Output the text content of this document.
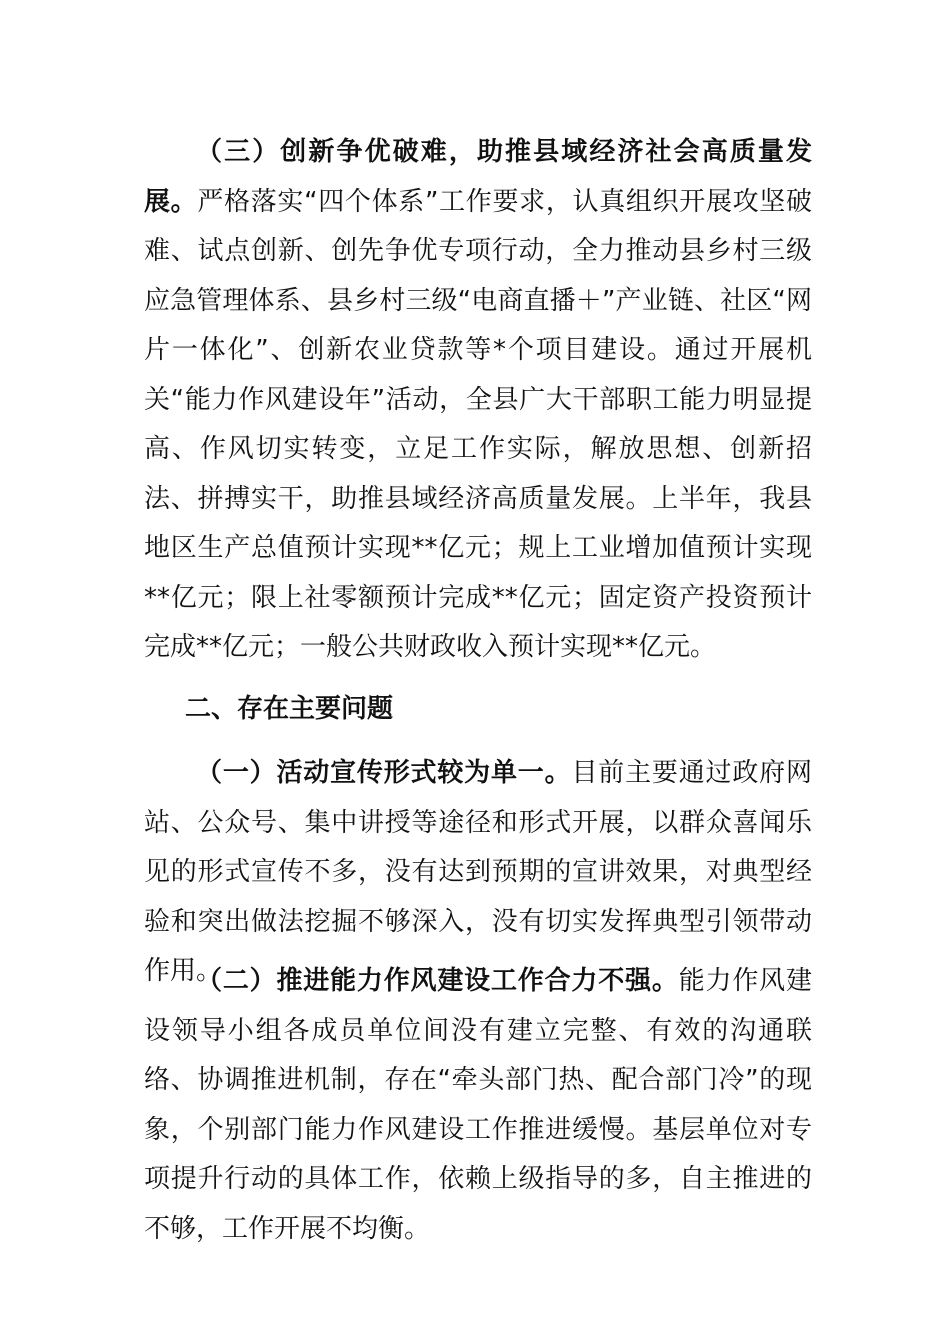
（三）创新争优破难，助推县域经济社会高质量发展。严格落实“四个体系”工作要求，认真组织开展攻坚破难、试点创新、创先争优专项行动，全力推动县乡村三级应急管理体系、县乡村三级“电商直播＋”产业链、社区“网片一体化”、创新农业贷款等*个项目建设。通过开展机关“能力作风建设年”活动，全县广大干部职工能力明显提高、作风切实转变，立足工作实际，解放思想、创新招法、拼搏实干，助推县域经济高质量发展。上半年，我县地区生产总值预计实现**亿元；规上工业增加值预计实现**亿元；限上社零额预计完成**亿元；固定资产投资预计完成**亿元；一般公共财政收入预计实现**亿元。

二、存在主要问题

（一）活动宣传形式较为单一。目前主要通过政府网站、公众号、集中讲授等途径和形式开展，以群众喜闻乐见的形式宣传不多，没有达到预期的宣讲效果，对典型经验和突出做法挖掘不够深入，没有切实发挥典型引领带动作用。

（二）推进能力作风建设工作合力不强。能力作风建设领导小组各成员单位间没有建立完整、有效的沟通联络、协调推进机制，存在“牵头部门热、配合部门冷”的现象，个别部门能力作风建设工作推进缓慢。基层单位对专项提升行动的具体工作，依赖上级指导的多，自主推进的不够，工作开展不均衡。
